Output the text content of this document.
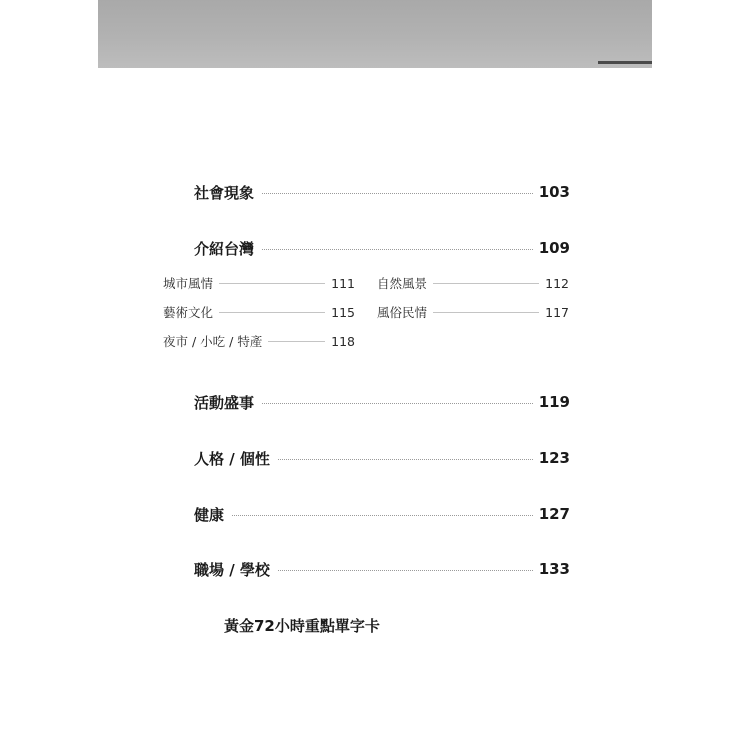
社會現象	103
介紹台灣	109
城市風情	111 自然風景	112
藝術文化	115 風俗民情	117
夜市 / 小吃 / 特產	118
活動盛事	119
人格 / 個性	123
健康	127
職場 / 學校	133
黃金72小時重點單字卡
